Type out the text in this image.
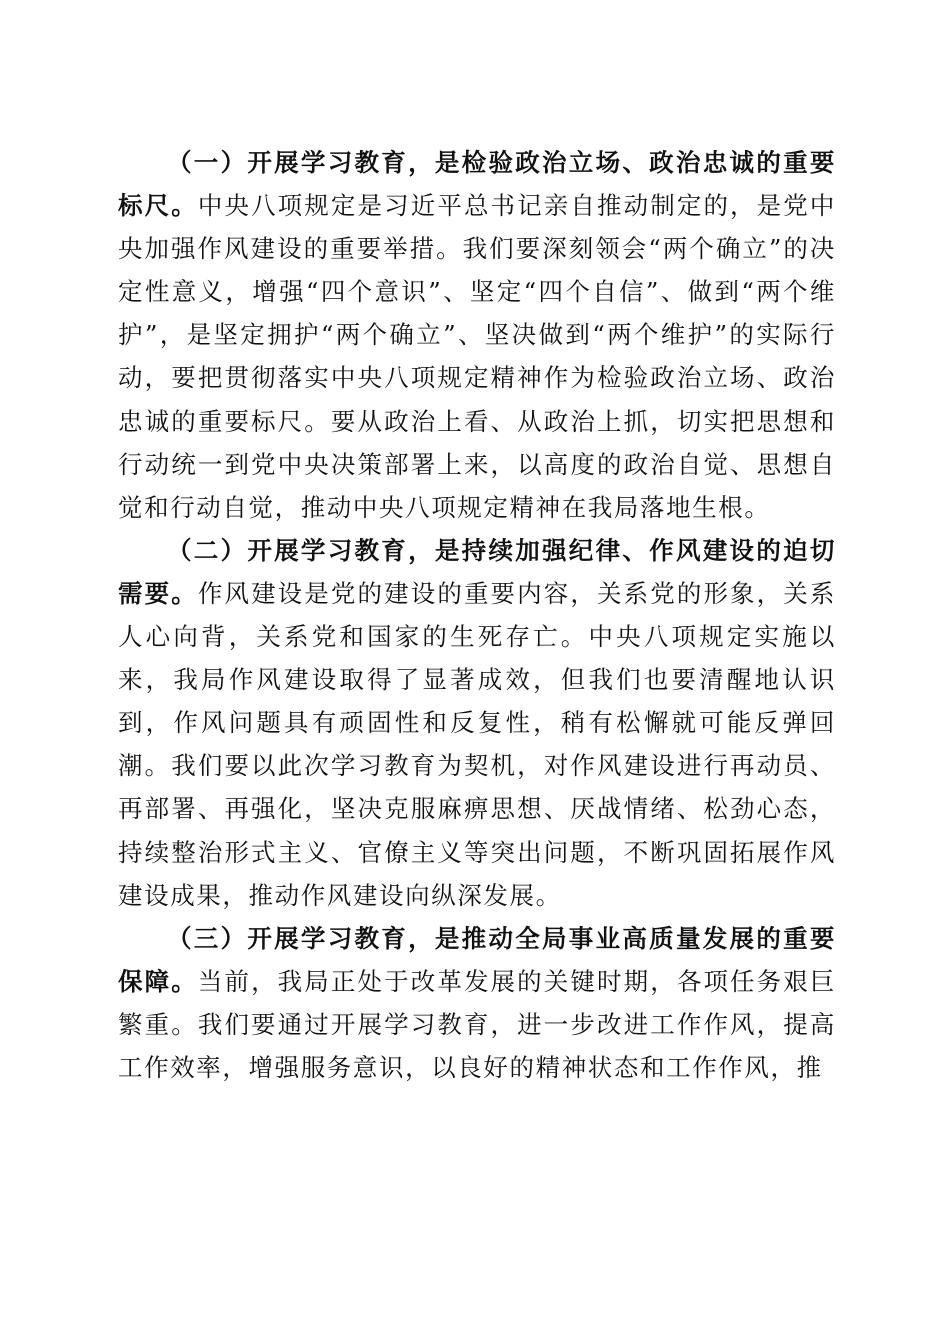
（一）开展学习教育，是检验政治立场、政治忠诚的重要标尺。中央八项规定是习近平总书记亲自推动制定的，是党中央加强作风建设的重要举措。我们要深刻领会“两个确立”的决定性意义，增强“四个意识”、坚定“四个自信”、做到“两个维护”，是坚定拥护“两个确立”、坚决做到“两个维护”的实际行动，要把贯彻落实中央八项规定精神作为检验政治立场、政治忠诚的重要标尺。要从政治上看、从政治上抓，切实把思想和行动统一到党中央决策部署上来，以高度的政治自觉、思想自觉和行动自觉，推动中央八项规定精神在我局落地生根。

（二）开展学习教育，是持续加强纪律、作风建设的迫切需要。作风建设是党的建设的重要内容，关系党的形象，关系人心向背，关系党和国家的生死存亡。中央八项规定实施以来，我局作风建设取得了显著成效，但我们也要清醒地认识到，作风问题具有顽固性和反复性，稍有松懈就可能反弹回潮。我们要以此次学习教育为契机，对作风建设进行再动员、再部署、再强化，坚决克服麻痹思想、厌战情绪、松劲心态，持续整治形式主义、官僚主义等突出问题，不断巩固拓展作风建设成果，推动作风建设向纵深发展。

（三）开展学习教育，是推动全局事业高质量发展的重要保障。当前，我局正处于改革发展的关键时期，各项任务艰巨繁重。我们要通过开展学习教育，进一步改进工作作风，提高工作效率，增强服务意识，以良好的精神状态和工作作风，推
